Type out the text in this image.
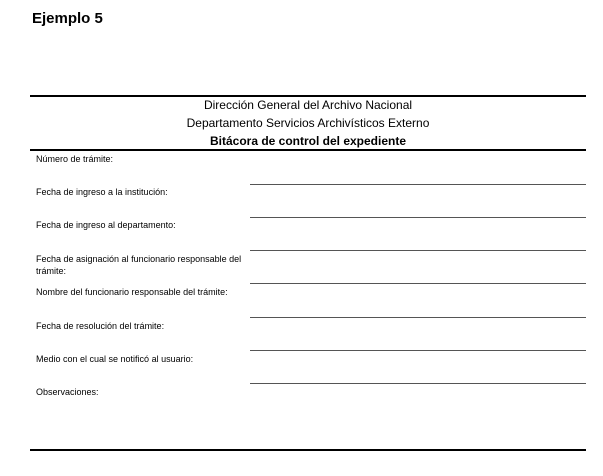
Ejemplo 5
Dirección General del Archivo Nacional
Departamento Servicios Archivísticos Externo
Bitácora de control del expediente
Número de trámite:
Fecha de ingreso a la institución:
Fecha de ingreso al departamento:
Fecha de asignación al funcionario responsable del trámite:
Nombre del funcionario responsable del trámite:
Fecha de resolución del trámite:
Medio con el cual se notificó al usuario:
Observaciones:
